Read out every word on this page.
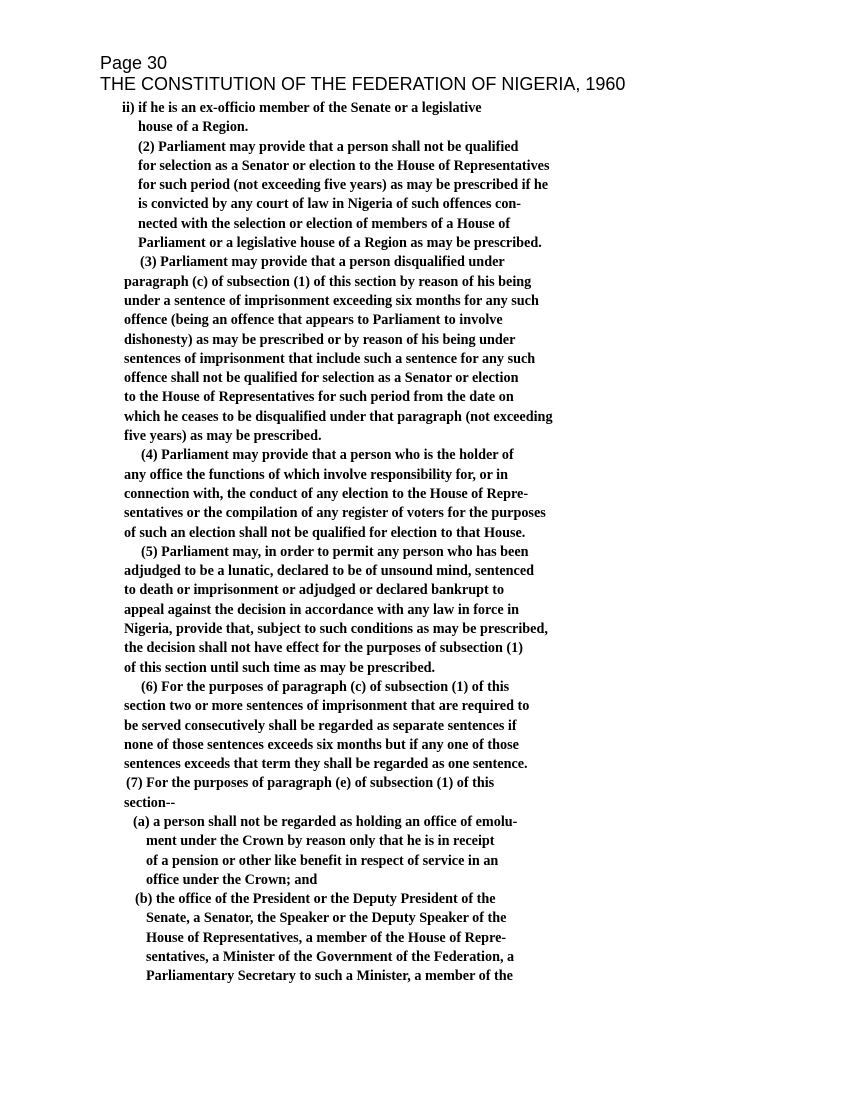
Page 30
THE CONSTITUTION OF THE FEDERATION OF NIGERIA, 1960
ii) if he is an ex-officio member of the Senate or a legislative
house of a Region.
(2) Parliament may provide that a person shall not be qualified
for selection as a Senator or election to the House of Representatives
for such period (not exceeding five years) as may be prescribed if he
is convicted by any court of law in Nigeria of such offences con-
nected with the selection or election of members of a House of
Parliament or a legislative house of a Region as may be prescribed.
(3) Parliament may provide that a person disqualified under
paragraph (c) of subsection (1) of this section by reason of his being
under a sentence of imprisonment exceeding six months for any such
offence (being an offence that appears to Parliament to involve
dishonesty) as may be prescribed or by reason of his being under
sentences of imprisonment that include such a sentence for any such
offence shall not be qualified for selection as a Senator or election
to the House of Representatives for such period from the date on
which he ceases to be disqualified under that paragraph (not exceeding
five years) as may be prescribed.
(4) Parliament may provide that a person who is the holder of
any office the functions of which involve responsibility for, or in
connection with, the conduct of any election to the House of Repre-
sentatives or the compilation of any register of voters for the purposes
of such an election shall not be qualified for election to that House.
(5) Parliament may, in order to permit any person who has been
adjudged to be a lunatic, declared to be of unsound mind, sentenced
to death or imprisonment or adjudged or declared bankrupt to
appeal against the decision in accordance with any law in force in
Nigeria, provide that, subject to such conditions as may be prescribed,
the decision shall not have effect for the purposes of subsection (1)
of this section until such time as may be prescribed.
(6) For the purposes of paragraph (c) of subsection (1) of this
section two or more sentences of imprisonment that are required to
be served consecutively shall be regarded as separate sentences if
none of those sentences exceeds six months but if any one of those
sentences exceeds that term they shall be regarded as one sentence.
(7) For the purposes of paragraph (e) of subsection (1) of this
section--
(a) a person shall not be regarded as holding an office of emolu-
ment under the Crown by reason only that he is in receipt
of a pension or other like benefit in respect of service in an
office under the Crown; and
(b) the office of the President or the Deputy President of the
Senate, a Senator, the Speaker or the Deputy Speaker of the
House of Representatives, a member of the House of Repre-
sentatives, a Minister of the Government of the Federation, a
Parliamentary Secretary to such a Minister, a member of the
